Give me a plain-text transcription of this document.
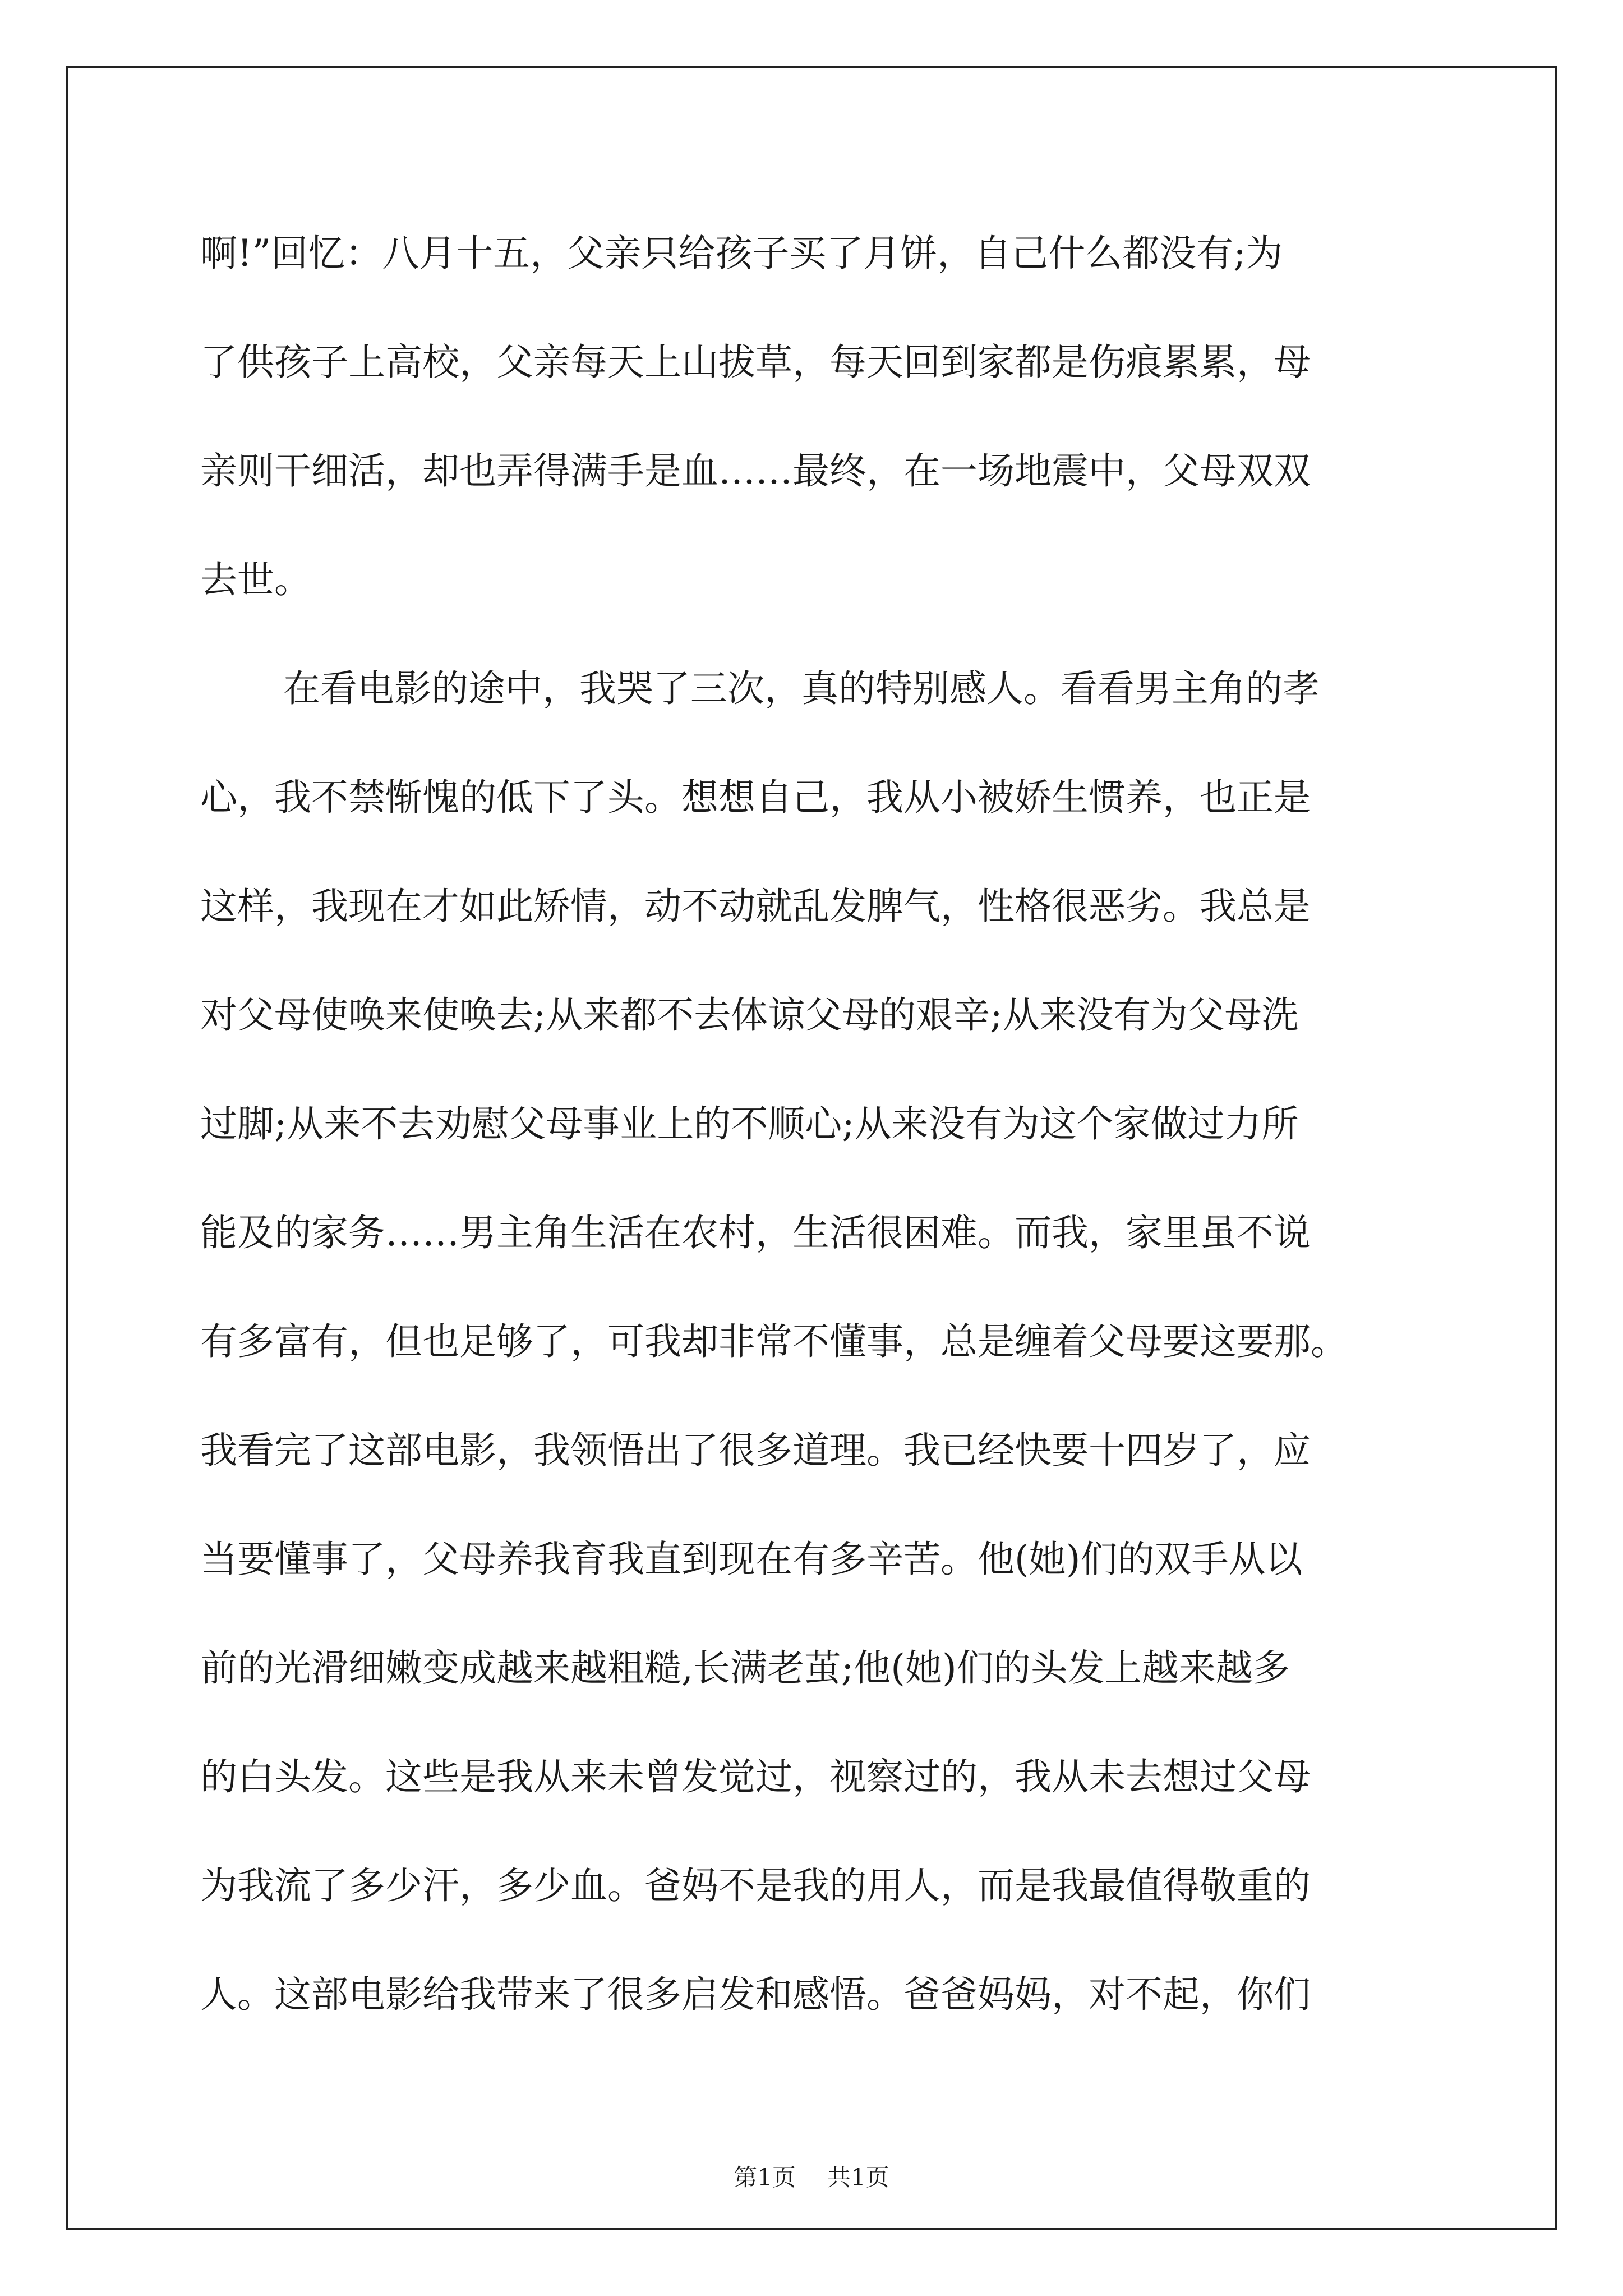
啊!”回忆：八月十五，父亲只给孩子买了月饼，自己什么都没有;为
了供孩子上高校，父亲每天上山拔草，每天回到家都是伤痕累累，母
亲则干细活，却也弄得满手是血……最终，在一场地震中，父母双双
去世。
在看电影的途中，我哭了三次，真的特别感人。看看男主角的孝
心，我不禁惭愧的低下了头。想想自己，我从小被娇生惯养，也正是
这样，我现在才如此矫情，动不动就乱发脾气，性格很恶劣。我总是
对父母使唤来使唤去;从来都不去体谅父母的艰辛;从来没有为父母洗
过脚;从来不去劝慰父母事业上的不顺心;从来没有为这个家做过力所
能及的家务……男主角生活在农村，生活很困难。而我，家里虽不说
有多富有，但也足够了，可我却非常不懂事，总是缠着父母要这要那。
我看完了这部电影，我领悟出了很多道理。我已经快要十四岁了，应
当要懂事了，父母养我育我直到现在有多辛苦。他(她)们的双手从以
前的光滑细嫩变成越来越粗糙,长满老茧;他(她)们的头发上越来越多
的白头发。这些是我从来未曾发觉过，视察过的，我从未去想过父母
为我流了多少汗，多少血。爸妈不是我的用人，而是我最值得敬重的
人。这部电影给我带来了很多启发和感悟。爸爸妈妈，对不起，你们
第1页 共1页
